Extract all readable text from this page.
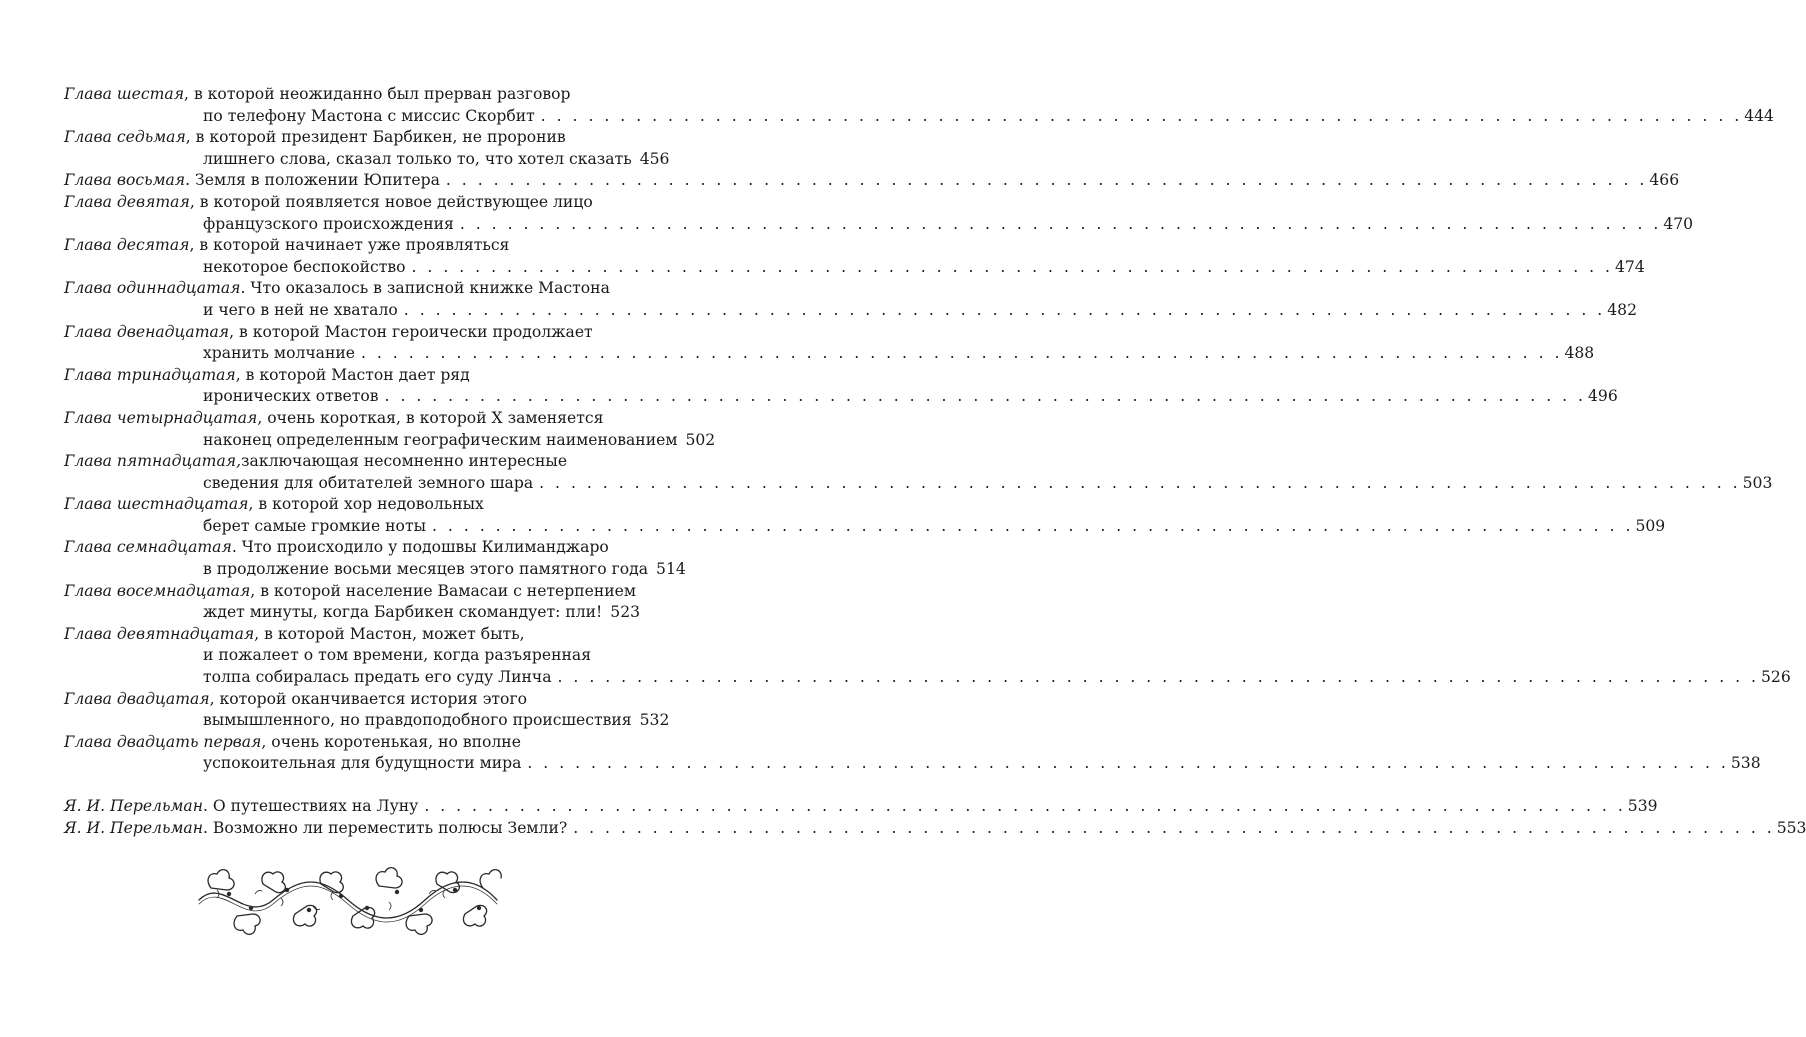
Глава шестая , в которой неожиданно был прерван разговор
по телефону Мастона с миссис Скорбит . . . . . . . . . . . . . . . . . . . . . . . . . . . . . . . . . . . . . . . . . . . . . . . . . . . . . . . . . . . . . . . . . . . . . . . . . . . . 444
Глава седьмая , в которой президент Барбикен, не проронив
лишнего слова, сказал только то, что хотел сказать 456
Глава восьмая . Земля в положении Юпитера . . . . . . . . . . . . . . . . . . . . . . . . . . . . . . . . . . . . . . . . . . . . . . . . . . . . . . . . . . . . . . . . . . . . . . . . . . . . 466
Глава девятая , в которой появляется новое действующее лицо
французского происхождения . . . . . . . . . . . . . . . . . . . . . . . . . . . . . . . . . . . . . . . . . . . . . . . . . . . . . . . . . . . . . . . . . . . . . . . . . . . . 470
Глава десятая , в которой начинает уже проявляться
некоторое беспокойство . . . . . . . . . . . . . . . . . . . . . . . . . . . . . . . . . . . . . . . . . . . . . . . . . . . . . . . . . . . . . . . . . . . . . . . . . . . . 474
Глава одиннадцатая . Что оказалось в записной книжке Мастона
и чего в ней не хватало . . . . . . . . . . . . . . . . . . . . . . . . . . . . . . . . . . . . . . . . . . . . . . . . . . . . . . . . . . . . . . . . . . . . . . . . . . . . 482
Глава двенадцатая , в которой Мастон героически продолжает
хранить молчание . . . . . . . . . . . . . . . . . . . . . . . . . . . . . . . . . . . . . . . . . . . . . . . . . . . . . . . . . . . . . . . . . . . . . . . . . . . . 488
Глава тринадцатая , в которой Мастон дает ряд
иронических ответов . . . . . . . . . . . . . . . . . . . . . . . . . . . . . . . . . . . . . . . . . . . . . . . . . . . . . . . . . . . . . . . . . . . . . . . . . . . . 496
Глава четырнадцатая , очень короткая, в которой X заменяется
наконец определенным географическим наименованием 502
Глава пятнадцатая, заключающая несомненно интересные
сведения для обитателей земного шара . . . . . . . . . . . . . . . . . . . . . . . . . . . . . . . . . . . . . . . . . . . . . . . . . . . . . . . . . . . . . . . . . . . . . . . . . . . . 503
Глава шестнадцатая , в которой хор недовольных
берет самые громкие ноты . . . . . . . . . . . . . . . . . . . . . . . . . . . . . . . . . . . . . . . . . . . . . . . . . . . . . . . . . . . . . . . . . . . . . . . . . . . . 509
Глава семнадцатая . Что происходило у подошвы Килиманджаро
в продолжение восьми месяцев этого памятного года 514
Глава восемнадцатая , в которой население Вамасаи с нетерпением
ждет минуты, когда Барбикен скомандует: пли! 523
Глава девятнадцатая , в которой Мастон, может быть,
и пожалеет о том времени, когда разъяренная
толпа собиралась предать его суду Линча . . . . . . . . . . . . . . . . . . . . . . . . . . . . . . . . . . . . . . . . . . . . . . . . . . . . . . . . . . . . . . . . . . . . . . . . . . . . 526
Глава двадцатая , которой оканчивается история этого
вымышленного, но правдоподобного происшествия 532
Глава двадцать первая , очень коротенькая, но вполне
успокоительная для будущности мира . . . . . . . . . . . . . . . . . . . . . . . . . . . . . . . . . . . . . . . . . . . . . . . . . . . . . . . . . . . . . . . . . . . . . . . . . . . . 538
Я. И. Перельман . О путешествиях на Луну . . . . . . . . . . . . . . . . . . . . . . . . . . . . . . . . . . . . . . . . . . . . . . . . . . . . . . . . . . . . . . . . . . . . . . . . . . . . 539
Я. И. Перельман . Возможно ли переместить полюсы Земли? . . . . . . . . . . . . . . . . . . . . . . . . . . . . . . . . . . . . . . . . . . . . . . . . . . . . . . . . . . . . . . . . . . . . . . . . . . . . 553
